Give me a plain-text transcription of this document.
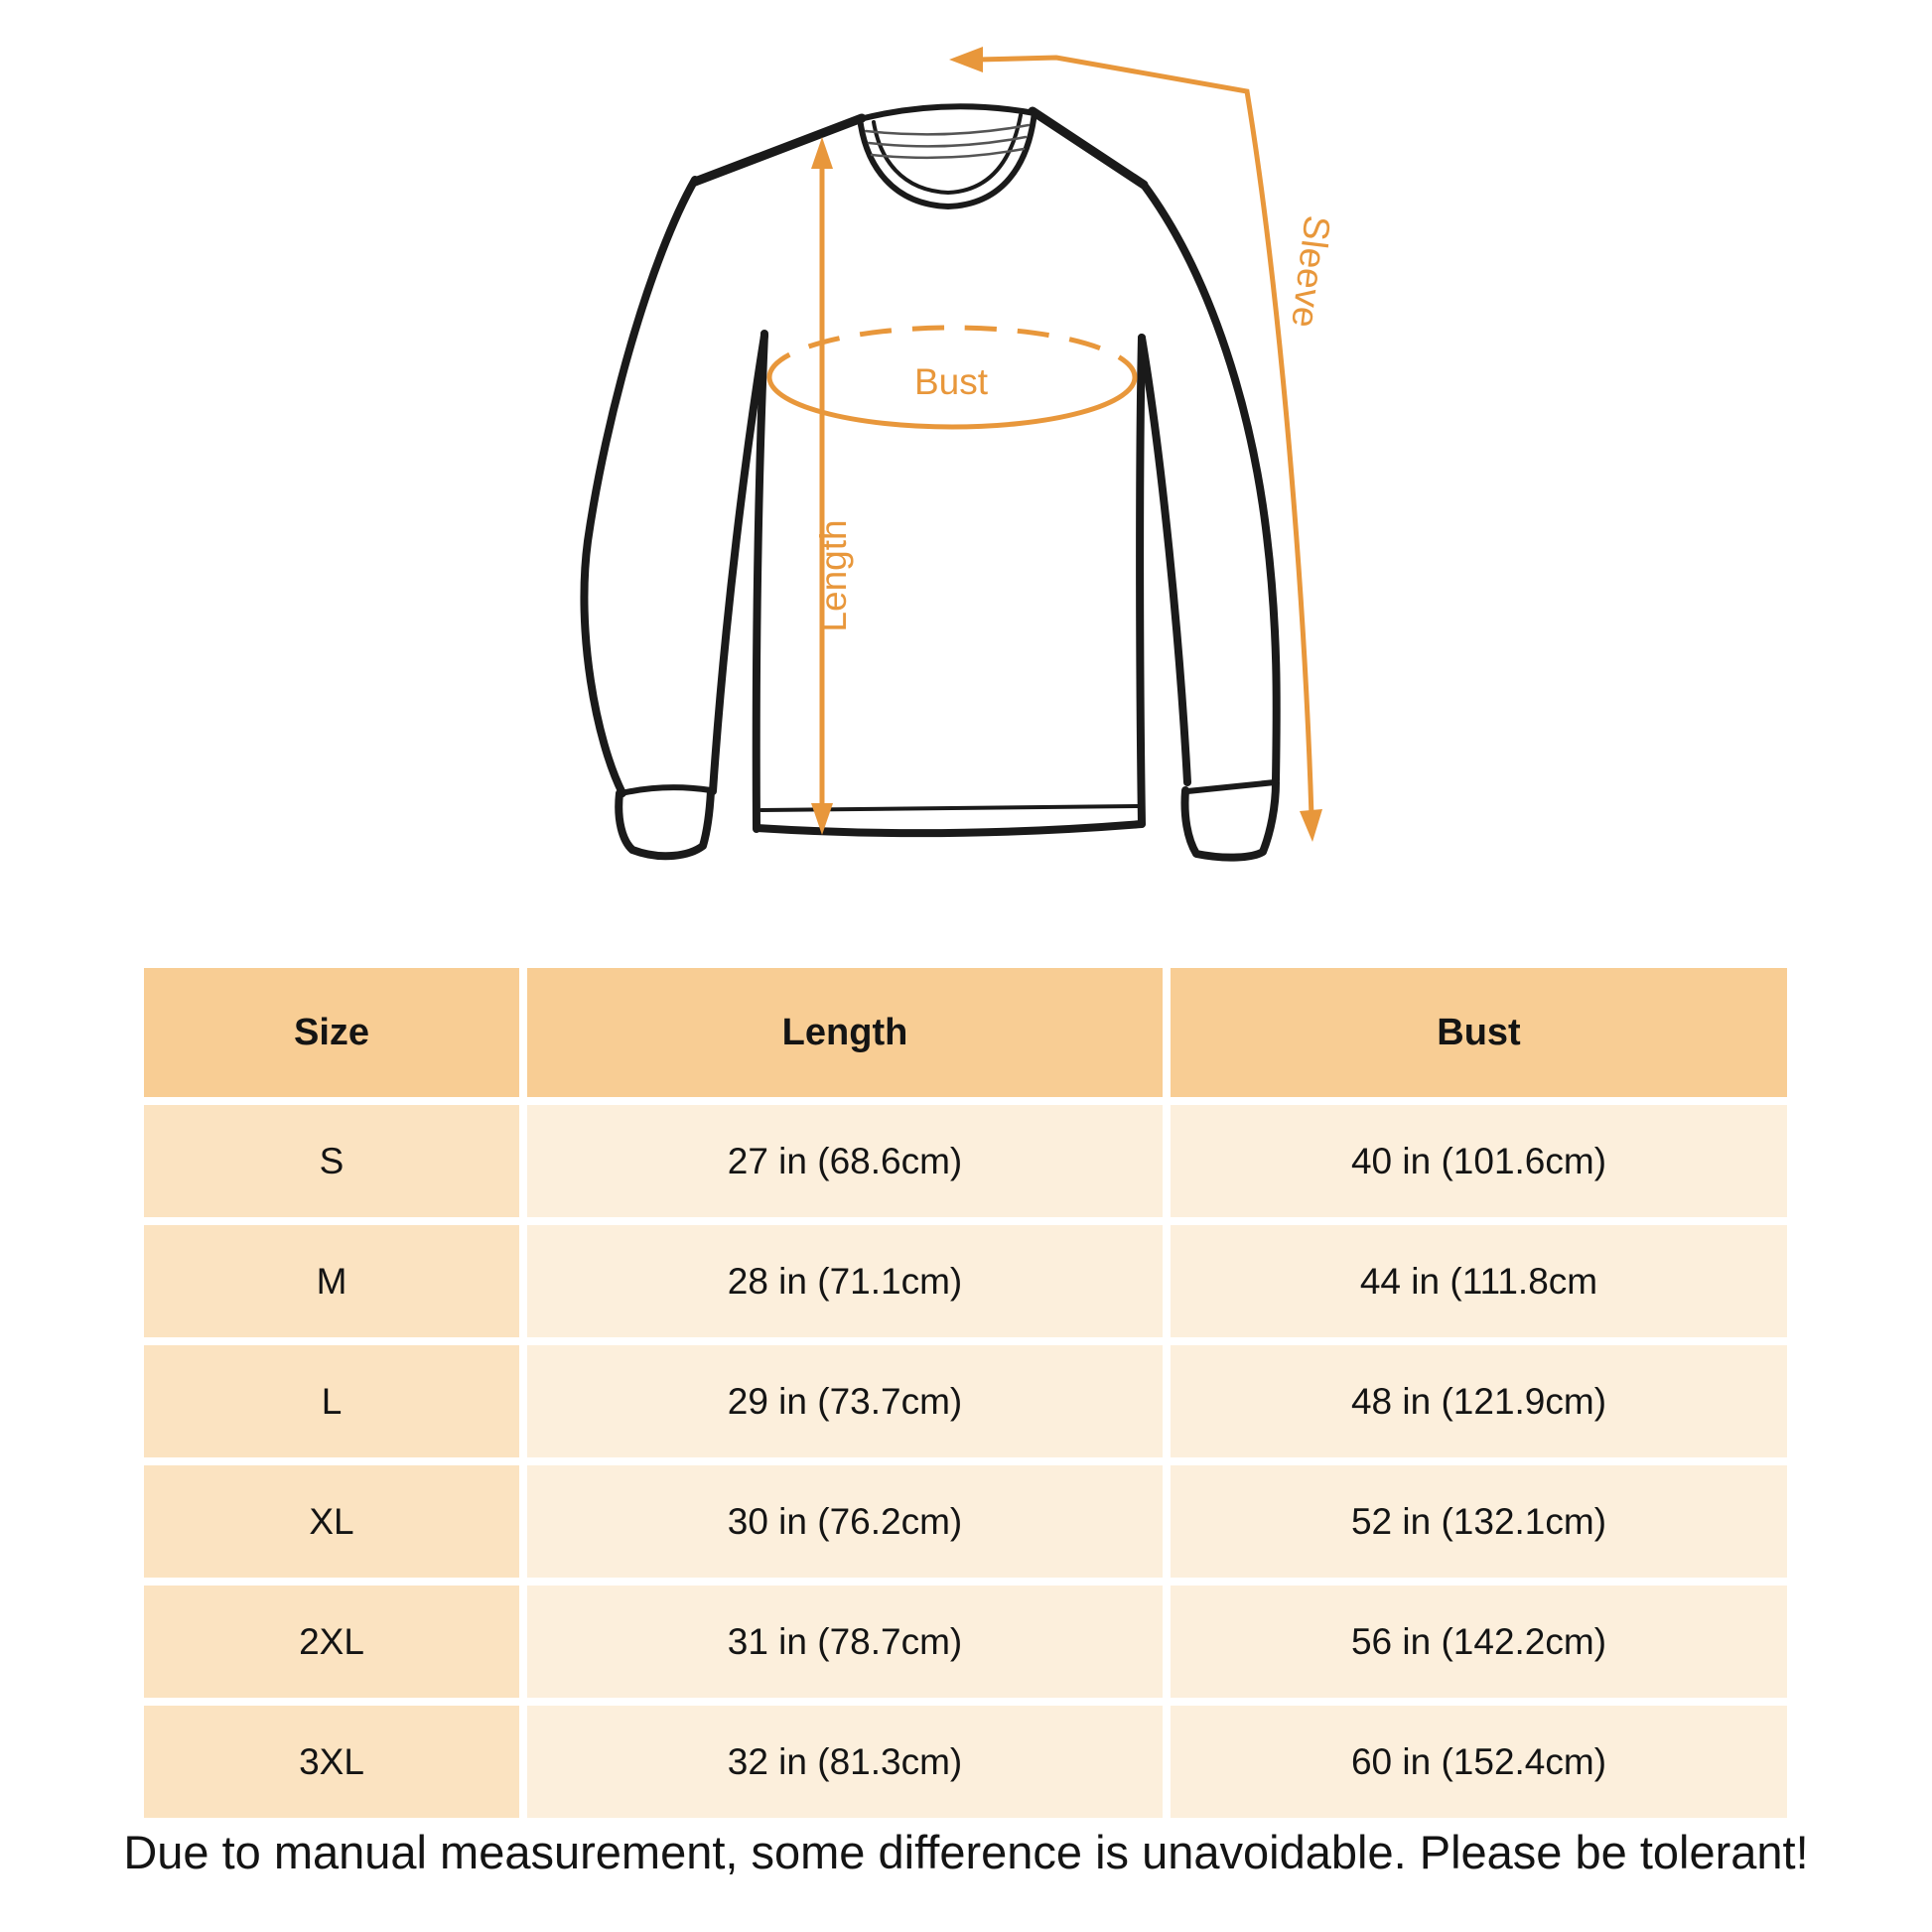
Bust
Length
Sleeve
Size	Length	Bust
S	27 in (68.6cm)	40 in (101.6cm)
M	28 in (71.1cm)	44 in (111.8cm
L	29 in (73.7cm)	48 in (121.9cm)
XL	30 in (76.2cm)	52 in (132.1cm)
2XL	31 in (78.7cm)	56 in (142.2cm)
3XL	32 in (81.3cm)	60 in (152.4cm)
Due to manual measurement, some difference is unavoidable. Please be tolerant!
